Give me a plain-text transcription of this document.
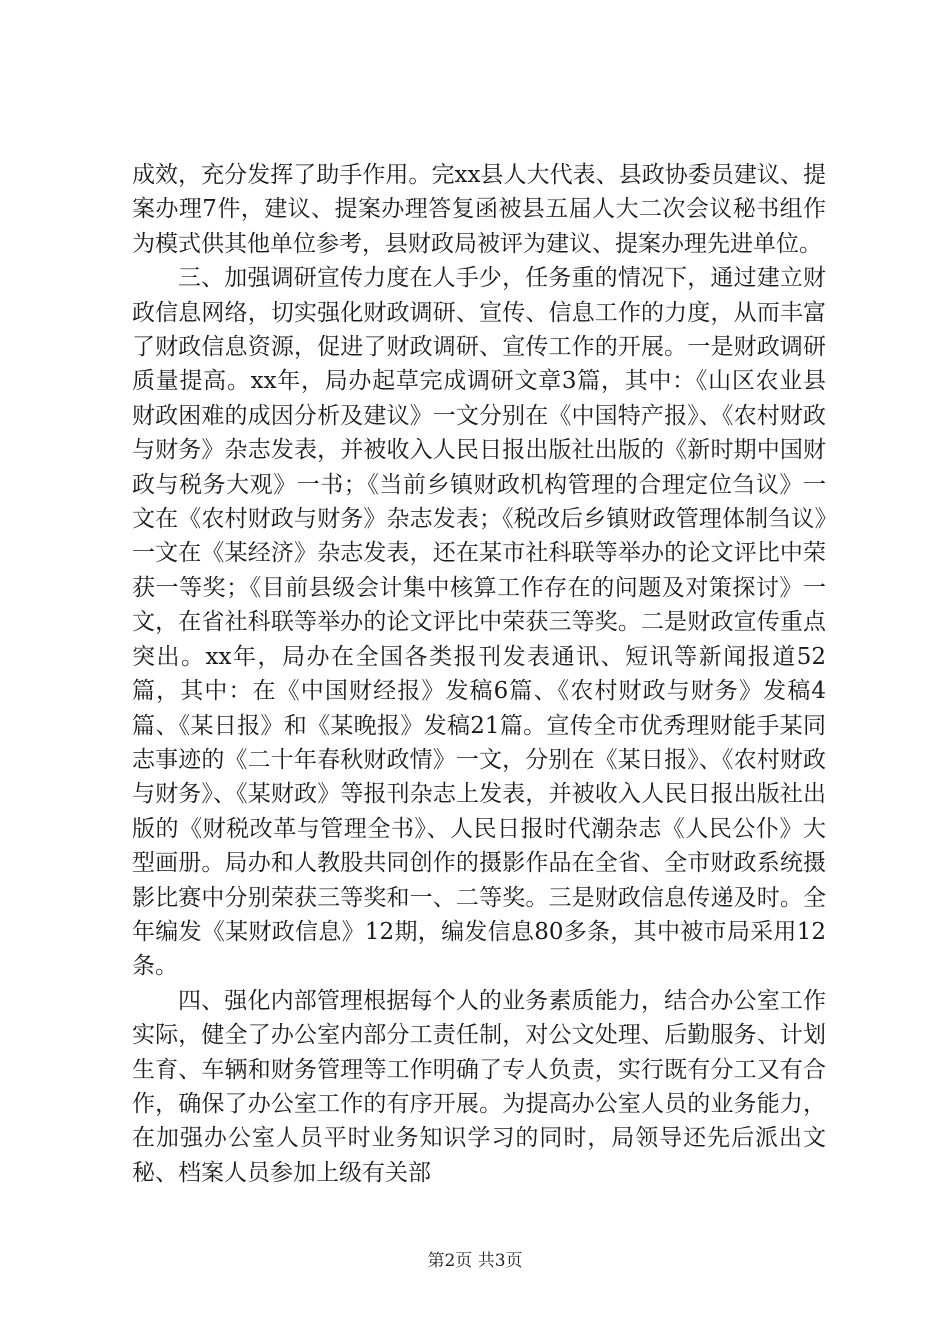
成效，充分发挥了助手作用。完xx县人大代表、县政协委员建议、提案办理7件，建议、提案办理答复函被县五届人大二次会议秘书组作为模式供其他单位参考，县财政局被评为建议、提案办理先进单位。

三、加强调研宣传力度在人手少，任务重的情况下，通过建立财政信息网络，切实强化财政调研、宣传、信息工作的力度，从而丰富了财政信息资源，促进了财政调研、宣传工作的开展。一是财政调研质量提高。xx年，局办起草完成调研文章3篇，其中：《山区农业县财政困难的成因分析及建议》一文分别在《中国特产报》、《农村财政与财务》杂志发表，并被收入人民日报出版社出版的《新时期中国财政与税务大观》一书；《当前乡镇财政机构管理的合理定位刍议》一文在《农村财政与财务》杂志发表；《税改后乡镇财政管理体制刍议》一文在《某经济》杂志发表，还在某市社科联等举办的论文评比中荣获一等奖；《目前县级会计集中核算工作存在的问题及对策探讨》一文，在省社科联等举办的论文评比中荣获三等奖。二是财政宣传重点突出。xx年，局办在全国各类报刊发表通讯、短讯等新闻报道52篇，其中：在《中国财经报》发稿6篇、《农村财政与财务》发稿4篇、《某日报》和《某晚报》发稿21篇。宣传全市优秀理财能手某同志事迹的《二十年春秋财政情》一文，分别在《某日报》、《农村财政与财务》、《某财政》等报刊杂志上发表，并被收入人民日报出版社出版的《财税改革与管理全书》、人民日报时代潮杂志《人民公仆》大型画册。局办和人教股共同创作的摄影作品在全省、全市财政系统摄影比赛中分别荣获三等奖和一、二等奖。三是财政信息传递及时。全年编发《某财政信息》12期，编发信息80多条，其中被市局采用12条。

四、强化内部管理根据每个人的业务素质能力，结合办公室工作实际，健全了办公室内部分工责任制，对公文处理、后勤服务、计划生育、车辆和财务管理等工作明确了专人负责，实行既有分工又有合作，确保了办公室工作的有序开展。为提高办公室人员的业务能力，在加强办公室人员平时业务知识学习的同时，局领导还先后派出文秘、档案人员参加上级有关部

第2页 共3页
